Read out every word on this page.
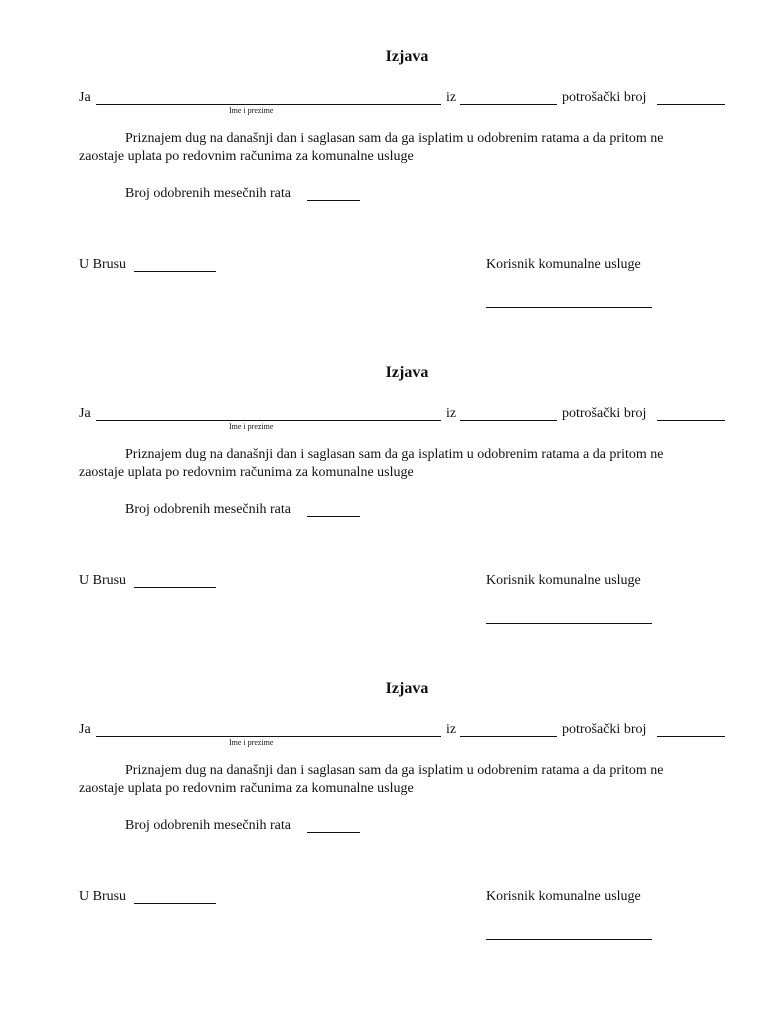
Izjava
Ja	iz	potrošački broj
Ime i prezime
Priznajem dug na današnji dan i saglasan sam da ga isplatim u odobrenim ratama a da pritom ne
zaostaje uplata po redovnim računima za komunalne usluge
Broj odobrenih mesečnih rata
U Brusu	Korisnik komunalne usluge
Izjava
Ja	iz	potrošački broj
Ime i prezime
Priznajem dug na današnji dan i saglasan sam da ga isplatim u odobrenim ratama a da pritom ne
zaostaje uplata po redovnim računima za komunalne usluge
Broj odobrenih mesečnih rata
U Brusu	Korisnik komunalne usluge
Izjava
Ja	iz	potrošački broj
Ime i prezime
Priznajem dug na današnji dan i saglasan sam da ga isplatim u odobrenim ratama a da pritom ne
zaostaje uplata po redovnim računima za komunalne usluge
Broj odobrenih mesečnih rata
U Brusu	Korisnik komunalne usluge
